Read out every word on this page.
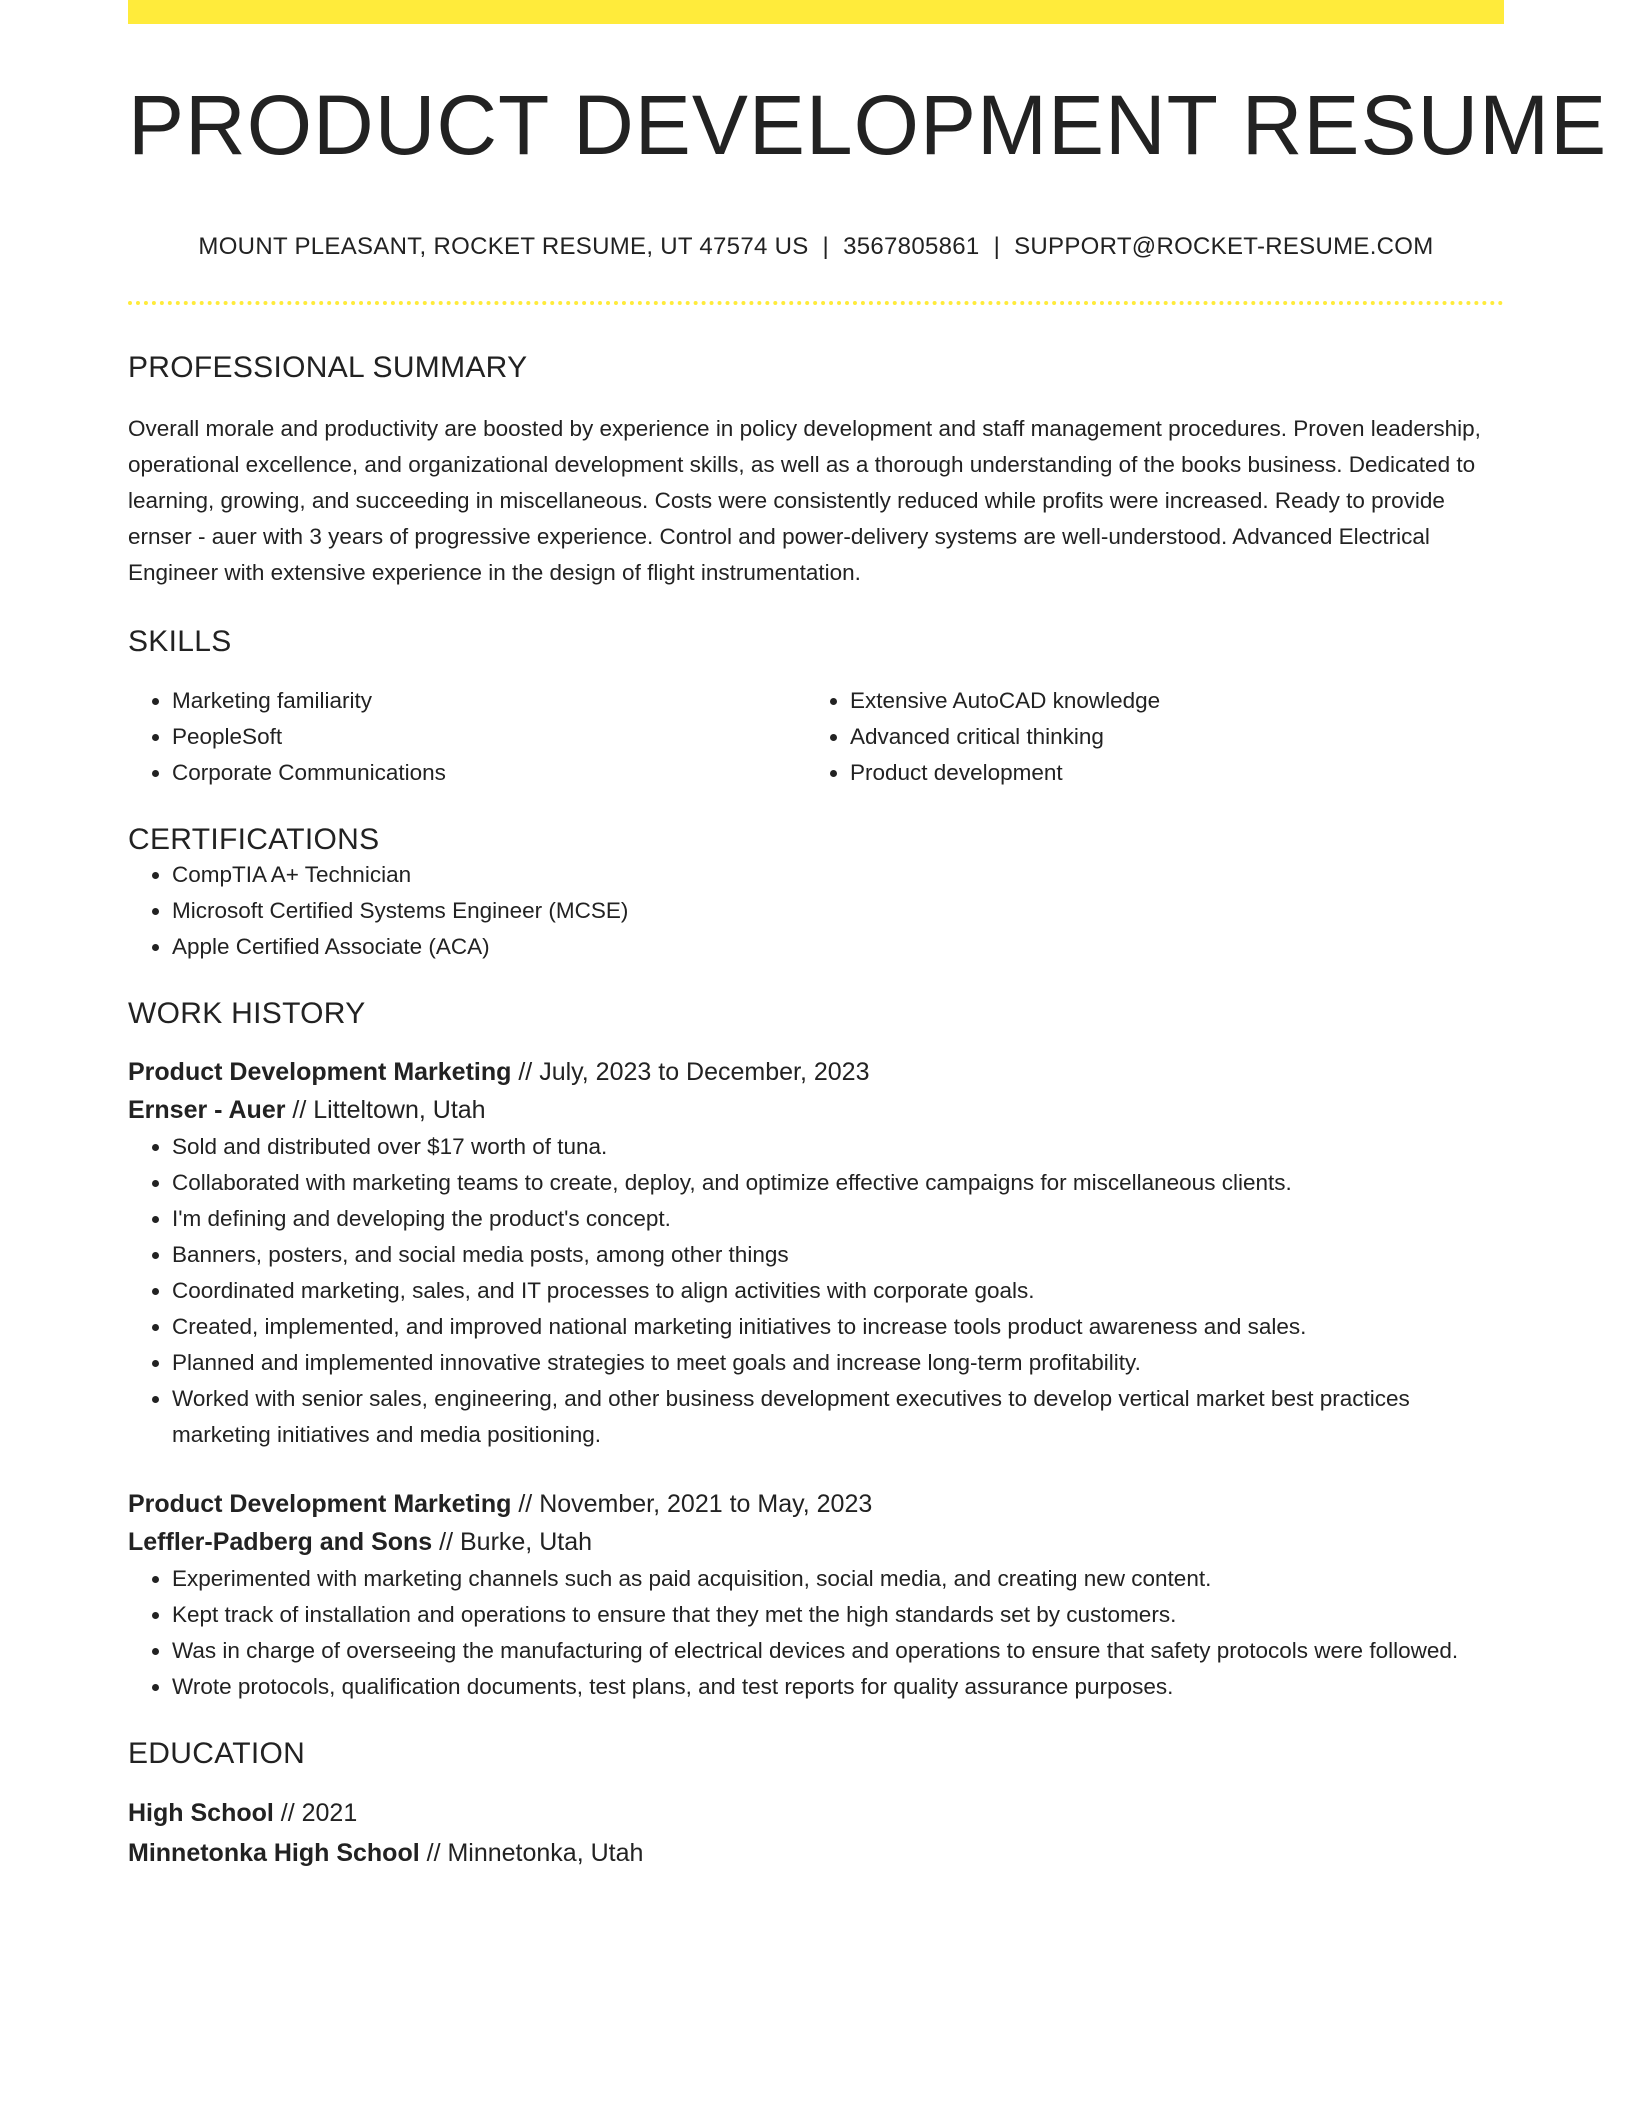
PRODUCT DEVELOPMENT RESUME
MOUNT PLEASANT, ROCKET RESUME, UT 47574 US | 3567805861 | SUPPORT@ROCKET-RESUME.COM
PROFESSIONAL SUMMARY
Overall morale and productivity are boosted by experience in policy development and staff management procedures. Proven leadership, operational excellence, and organizational development skills, as well as a thorough understanding of the books business. Dedicated to learning, growing, and succeeding in miscellaneous. Costs were consistently reduced while profits were increased. Ready to provide ernser - auer with 3 years of progressive experience. Control and power-delivery systems are well-understood. Advanced Electrical Engineer with extensive experience in the design of flight instrumentation.
SKILLS
• Marketing familiarity
• PeopleSoft
• Corporate Communications
• Extensive AutoCAD knowledge
• Advanced critical thinking
• Product development
CERTIFICATIONS
• CompTIA A+ Technician
• Microsoft Certified Systems Engineer (MCSE)
• Apple Certified Associate (ACA)
WORK HISTORY
Product Development Marketing // July, 2023 to December, 2023
Ernser - Auer // Litteltown, Utah
• Sold and distributed over $17 worth of tuna.
• Collaborated with marketing teams to create, deploy, and optimize effective campaigns for miscellaneous clients.
• I'm defining and developing the product's concept.
• Banners, posters, and social media posts, among other things
• Coordinated marketing, sales, and IT processes to align activities with corporate goals.
• Created, implemented, and improved national marketing initiatives to increase tools product awareness and sales.
• Planned and implemented innovative strategies to meet goals and increase long-term profitability.
• Worked with senior sales, engineering, and other business development executives to develop vertical market best practices marketing initiatives and media positioning.
Product Development Marketing // November, 2021 to May, 2023
Leffler-Padberg and Sons // Burke, Utah
• Experimented with marketing channels such as paid acquisition, social media, and creating new content.
• Kept track of installation and operations to ensure that they met the high standards set by customers.
• Was in charge of overseeing the manufacturing of electrical devices and operations to ensure that safety protocols were followed.
• Wrote protocols, qualification documents, test plans, and test reports for quality assurance purposes.
EDUCATION
High School // 2021
Minnetonka High School // Minnetonka, Utah
